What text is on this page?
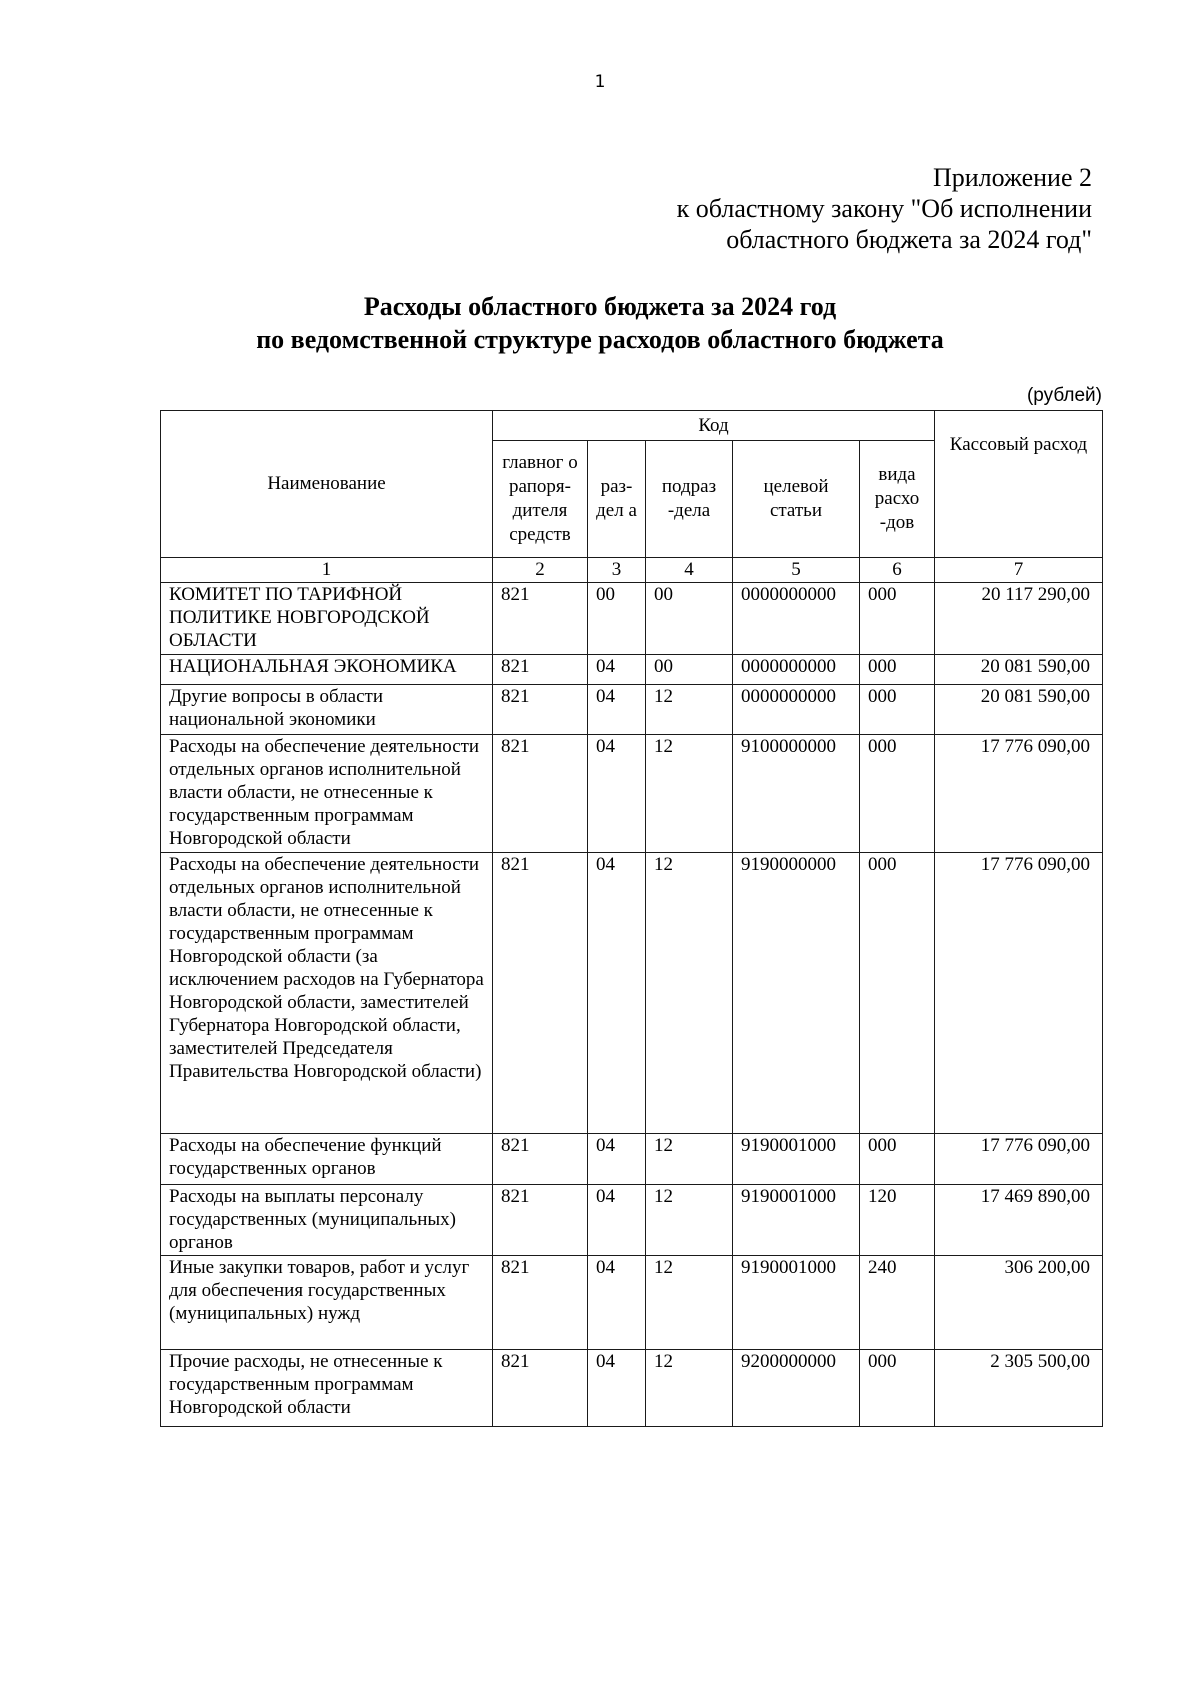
1
Приложение 2
к областному закону "Об исполнении
областного бюджета за 2024 год"
Расходы областного бюджета за 2024 год
по ведомственной структуре расходов областного бюджета
(рублей)
Наименование	Код					Кассовый расход
	главног о рапоря-дителя средств	раз-дел а	подраз -дела	целевой статьи	вида расхо -дов	
1	2	3	4	5	6	7
КОМИТЕТ ПО ТАРИФНОЙ ПОЛИТИКЕ НОВГОРОДСКОЙ ОБЛАСТИ	821	00	00	0000000000	000	20 117 290,00
НАЦИОНАЛЬНАЯ ЭКОНОМИКА	821	04	00	0000000000	000	20 081 590,00
Другие вопросы в области национальной экономики	821	04	12	0000000000	000	20 081 590,00
Расходы на обеспечение деятельности отдельных органов исполнительной власти области, не отнесенные к государственным программам Новгородской области	821	04	12	9100000000	000	17 776 090,00
Расходы на обеспечение деятельности отдельных органов исполнительной власти области, не отнесенные к государственным программам Новгородской области (за исключением расходов на Губернатора Новгородской области, заместителей Губернатора Новгородской области, заместителей Председателя Правительства Новгородской области)	821	04	12	9190000000	000	17 776 090,00
Расходы на обеспечение функций государственных органов	821	04	12	9190001000	000	17 776 090,00
Расходы на выплаты персоналу государственных (муниципальных) органов	821	04	12	9190001000	120	17 469 890,00
Иные закупки товаров, работ и услуг для обеспечения государственных (муниципальных) нужд	821	04	12	9190001000	240	306 200,00
Прочие расходы, не отнесенные к государственным программам Новгородской области	821	04	12	9200000000	000	2 305 500,00
